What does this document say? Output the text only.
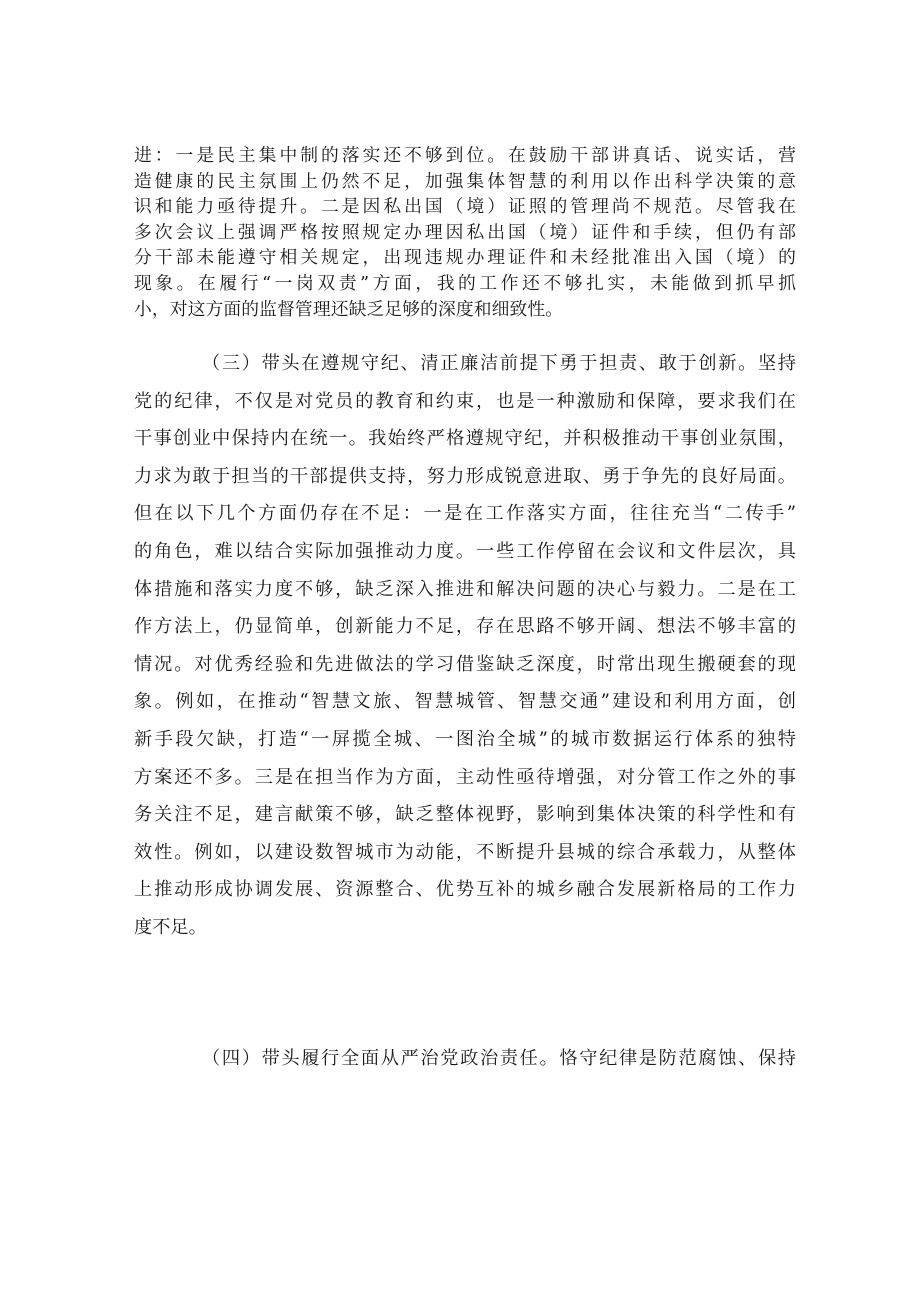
进：一是民主集中制的落实还不够到位。在鼓励干部讲真话、说实话，营
造健康的民主氛围上仍然不足，加强集体智慧的利用以作出科学决策的意
识和能力亟待提升。二是因私出国（境）证照的管理尚不规范。尽管我在
多次会议上强调严格按照规定办理因私出国（境）证件和手续，但仍有部
分干部未能遵守相关规定，出现违规办理证件和未经批准出入国（境）的
现象。在履行“一岗双责”方面，我的工作还不够扎实，未能做到抓早抓
小，对这方面的监督管理还缺乏足够的深度和细致性。
（三）带头在遵规守纪、清正廉洁前提下勇于担责、敢于创新。坚持
党的纪律，不仅是对党员的教育和约束，也是一种激励和保障，要求我们在
干事创业中保持内在统一。我始终严格遵规守纪，并积极推动干事创业氛围，
力求为敢于担当的干部提供支持，努力形成锐意进取、勇于争先的良好局面。
但在以下几个方面仍存在不足：一是在工作落实方面，往往充当“二传手”
的角色，难以结合实际加强推动力度。一些工作停留在会议和文件层次，具
体措施和落实力度不够，缺乏深入推进和解决问题的决心与毅力。二是在工
作方法上，仍显简单，创新能力不足，存在思路不够开阔、想法不够丰富的
情况。对优秀经验和先进做法的学习借鉴缺乏深度，时常出现生搬硬套的现
象。例如，在推动“智慧文旅、智慧城管、智慧交通”建设和利用方面，创
新手段欠缺，打造“一屏揽全城、一图治全城”的城市数据运行体系的独特
方案还不多。三是在担当作为方面，主动性亟待增强，对分管工作之外的事
务关注不足，建言献策不够，缺乏整体视野，影响到集体决策的科学性和有
效性。例如，以建设数智城市为动能，不断提升县城的综合承载力，从整体
上推动形成协调发展、资源整合、优势互补的城乡融合发展新格局的工作力
度不足。
（四）带头履行全面从严治党政治责任。恪守纪律是防范腐蚀、保持
